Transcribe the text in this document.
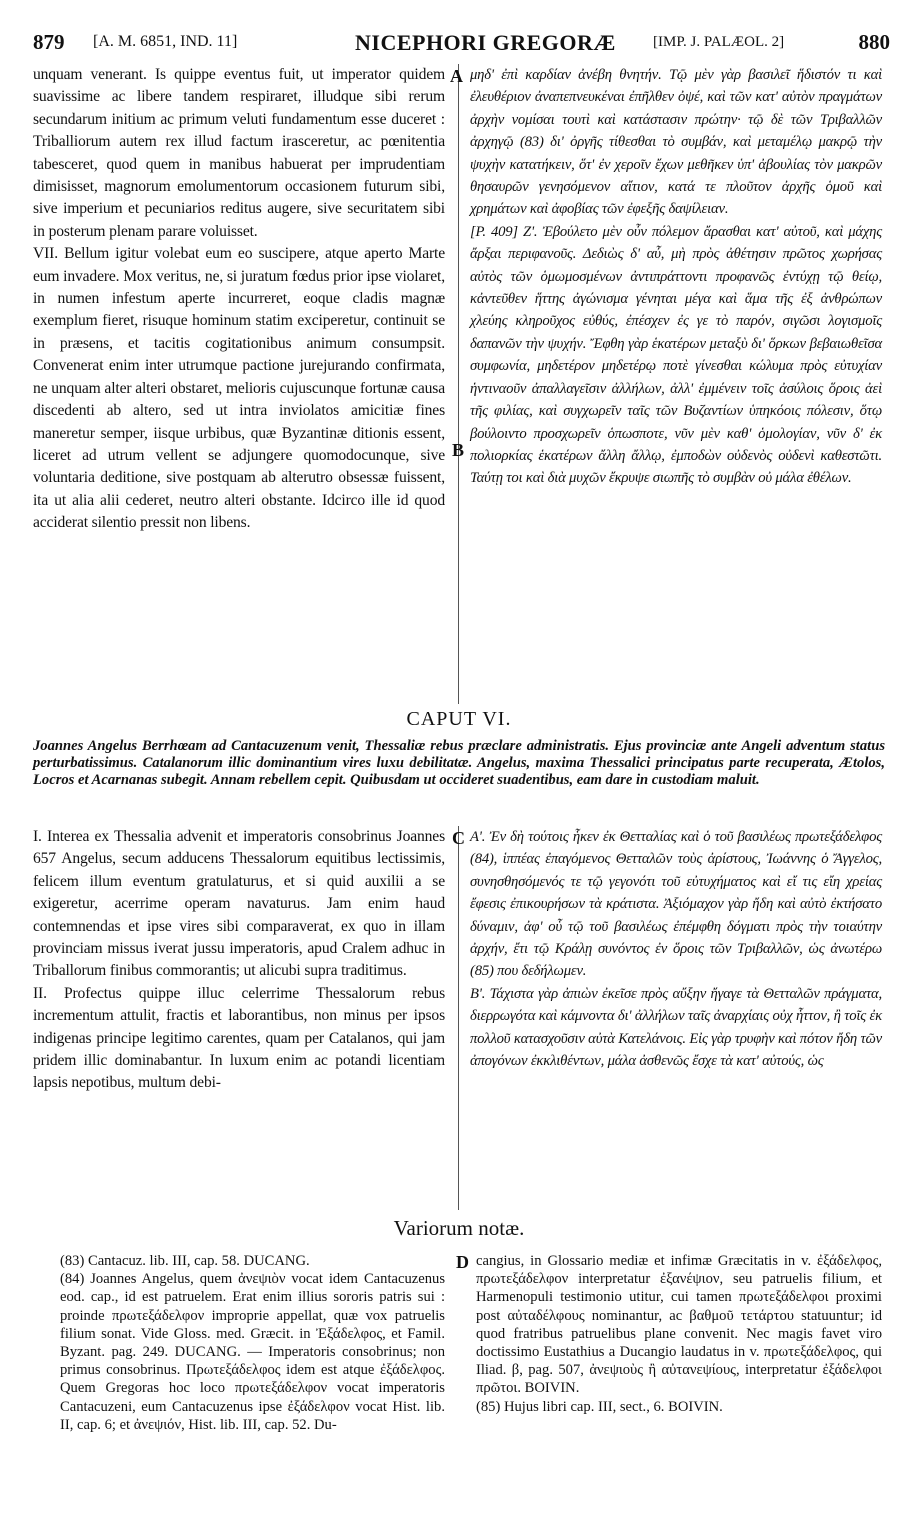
879 [A. M. 6851, IND. 11]	NICEPHORI GREGORÆ [IMP. J. PALÆOL. 2]	880

unquam venerant. Is quippe eventus fuit, ut imperator quidem suavissime ac libere tandem respiraret, illudque sibi rerum secundarum initium ac primum veluti fundamentum esse duceret : Triballiorum autem rex illud factum irasceretur, ac pœnitentia tabesceret, quod quem in manibus habuerat per imprudentiam dimisisset, magnorum emolumentorum occasionem futurum sibi, sive imperium et pecuniarios reditus augere, sive securitatem sibi in posterum plenam parare voluisset.

VII. Bellum igitur volebat eum eo suscipere, atque aperto Marte eum invadere. Mox veritus, ne, si juratum fœdus prior ipse violaret, in numen infestum aperte incurreret, eoque cladis magnæ exemplum fieret, risuque hominum statim exciperetur, continuit se in præsens, et tacitis cogitationibus animum consumpsit. Convenerat enim inter utrumque pactione jurejurando confirmata, ne unquam alter alteri obstaret, melioris cujuscunque fortunæ causa discedenti ab altero, sed ut intra inviolatos amicitiæ fines maneretur semper, iisque urbibus, quæ Byzantinæ ditionis essent, liceret ad utrum vellent se adjungere quomodocunque, sive voluntaria deditione, sive postquam ab alterutro obsessæ fuissent, ita ut alia alii cederet, neutro alteri obstante. Idcirco ille id quod acciderat silentio pressit non libens.

μηδ' ἐπὶ καρδίαν ἀνέβη θνητήν. Τῷ μὲν γὰρ βασιλεῖ ἥδιστόν τι καὶ ἐλευθέριον ἀναπεπνευκέναι ἐπῆλθεν ὀψέ, καὶ τῶν κατ' αὐτὸν πραγμάτων ἀρχὴν νομίσαι τουτὶ καὶ κατάστασιν πρώτην· τῷ δὲ τῶν Τριβαλλῶν ἀρχηγῷ (83) δι' ὀργῆς τίθεσθαι τὸ συμβάν, καὶ μεταμέλῳ μακρῷ τὴν ψυχὴν κατατήκειν, ὅτ' ἐν χεροῖν ἔχων μεθῆκεν ὑπ' ἀβουλίας τὸν μακρῶν θησαυρῶν γενησόμενον αἴτιον, κατά τε πλοῦτον ἀρχῆς ὁμοῦ καὶ χρημάτων καὶ ἀφοβίας τῶν ἐφεξῆς δαψίλειαν.

[P. 409] Ζ'. Ἐβούλετο μὲν οὖν πόλεμον ἄρασθαι κατ' αὐτοῦ, καὶ μάχης ἄρξαι περιφανοῦς. Δεδιὼς δ' αὖ, μὴ πρὸς ἀθέτησιν πρῶτος χωρήσας αὐτὸς τῶν ὁμωμοσμένων ἀντιπράττοντι προφανῶς ἐντύχῃ τῷ θείῳ, κἀντεῦθεν ἥττης ἀγώνισμα γένηται μέγα καὶ ἅμα τῆς ἐξ ἀνθρώπων χλεύης κληροῦχος εὐθύς, ἐπέσχεν ἐς γε τὸ παρόν, σιγῶσι λογισμοῖς δαπανῶν τὴν ψυχήν. Ἔφθη γὰρ ἑκατέρων μεταξὺ δι' ὅρκων βεβαιωθεῖσα συμφωνία, μηδετέρον μηδετέρῳ ποτὲ γίνεσθαι κώλυμα πρὸς εὐτυχίαν ἡντιναοῦν ἀπαλλαγεῖσιν ἀλλήλων, ἀλλ' ἐμμένειν τοῖς ἀσύλοις ὅροις ἀεὶ τῆς φιλίας, καὶ συγχωρεῖν ταῖς τῶν Βυζαντίων ὑπηκόοις πόλεσιν, ὅτῳ βούλοιντο προσχωρεῖν ὁπωσποτε, νῦν μὲν καθ' ὁμολογίαν, νῦν δ' ἐκ πολιορκίας ἑκατέρων ἄλλη ἄλλῳ, ἐμποδὼν οὐδενὸς οὐδενὶ καθεστῶτι. Ταύτῃ τοι καὶ διὰ μυχῶν ἔκρυψε σιωπῆς τὸ συμβὰν οὐ μάλα ἐθέλων.

A
B
CAPUT VI.
Joannes Angelus Berrhœam ad Cantacuzenum venit, Thessaliæ rebus præclare administratis. Ejus provinciæ ante Angeli adventum status perturbatissimus. Catalanorum illic dominantium vires luxu debilitatæ. Angelus, maxima Thessalici principatus parte recuperata, Ætolos, Locros et Acarnanas subegit. Annam rebellem cepit. Quibusdam ut occideret suadentibus, eam dare in custodiam maluit.

I. Interea ex Thessalia advenit et imperatoris consobrinus Joannes 657 Angelus, secum adducens Thessalorum equitibus lectissimis, felicem illum eventum gratulaturus, et si quid auxilii a se exigeretur, acerrime operam navaturus. Jam enim haud contemnendas et ipse vires sibi comparaverat, ex quo in illam provinciam missus iverat jussu imperatoris, apud Cralem adhuc in Triballorum finibus commorantis; ut alicubi supra traditimus.

II. Profectus quippe illuc celerrime Thessalorum rebus incrementum attulit, fractis et laborantibus, non minus per ipsos indigenas principe legitimo carentes, quam per Catalanos, qui jam pridem illic dominabantur. In luxum enim ac potandi licentiam lapsis nepotibus, multum debi-

Α'. Ἐν δὴ τούτοις ἧκεν ἐκ Θετταλίας καὶ ὁ τοῦ βασιλέως πρωτεξάδελφος (84), ἱππέας ἐπαγόμενος Θετταλῶν τοὺς ἀρίστους, Ἰωάννης ὁ Ἄγγελος, συνησθησόμενός τε τῷ γεγονότι τοῦ εὐτυχήματος καὶ εἴ τις εἴη χρείας ἔφεσις ἐπικουρήσων τὰ κράτιστα. Ἀξιόμαχον γὰρ ἤδη καὶ αὐτὸ ἐκτήσατο δύναμιν, ἀφ' οὗ τῷ τοῦ βασιλέως ἐπέμφθη δόγματι πρὸς τὴν τοιαύτην ἀρχήν, ἔτι τῷ Κράλῃ συνόντος ἐν ὅροις τῶν Τριβαλλῶν, ὡς ἀνωτέρω (85) που δεδήλωμεν.

Β'. Τάχιστα γὰρ ἀπιὼν ἐκεῖσε πρὸς αὔξην ἤγαγε τὰ Θετταλῶν πράγματα, διερρωγότα καὶ κάμνοντα δι' ἀλλήλων ταῖς ἀναρχίαις οὐχ ἧττον, ἢ τοῖς ἐκ πολλοῦ κατασχοῦσιν αὐτὰ Κατελάνοις. Εἰς γὰρ τρυφὴν καὶ πότον ἤδη τῶν ἀπογόνων ἐκκλιθέντων, μάλα ἀσθενῶς ἔσχε τὰ κατ' αὐτούς, ὡς

C
Variorum notæ.

(83) Cantacuz. lib. III, cap. 58. DUCANG.

(84) Joannes Angelus, quem ἀνεψιὸν vocat idem Cantacuzenus eod. cap., id est patruelem. Erat enim illius sororis patris sui : proinde πρωτεξάδελφον improprie appellat, quæ vox patruelis filium sonat. Vide Gloss. med. Græcit. in Ἐξάδελφος, et Famil. Byzant. pag. 249. DUCANG. — Imperatoris consobrinus; non primus consobrinus. Πρωτεξάδελφος idem est atque ἐξάδελφος. Quem Gregoras hoc loco πρωτεξάδελφον vocat imperatoris Cantacuzeni, eum Cantacuzenus ipse ἐξάδελφον vocat Hist. lib. II, cap. 6; et ἀνεψιόν, Hist. lib. III, cap. 52. Du-

D cangius, in Glossario mediæ et infimæ Græcitatis in v. ἐξάδελφος, πρωτεξάδελφον interpretatur ἐξανέψιον, seu patruelis filium, et Harmenopuli testimonio utitur, cui tamen πρωτεξάδελφοι proximi post αὐταδέλφους nominantur, ac βαθμοῦ τετάρτου statuuntur; id quod fratribus patruelibus plane convenit. Nec magis favet viro doctissimo Eustathius a Ducangio laudatus in v. πρωτεξάδελφος, qui Iliad. β, pag. 507, ἀνεψιοὺς ἢ αὐτανεψίους, interpretatur ἐξάδελφοι πρῶτοι. BOIVIN.

(85) Hujus libri cap. III, sect., 6. BOIVIN.
